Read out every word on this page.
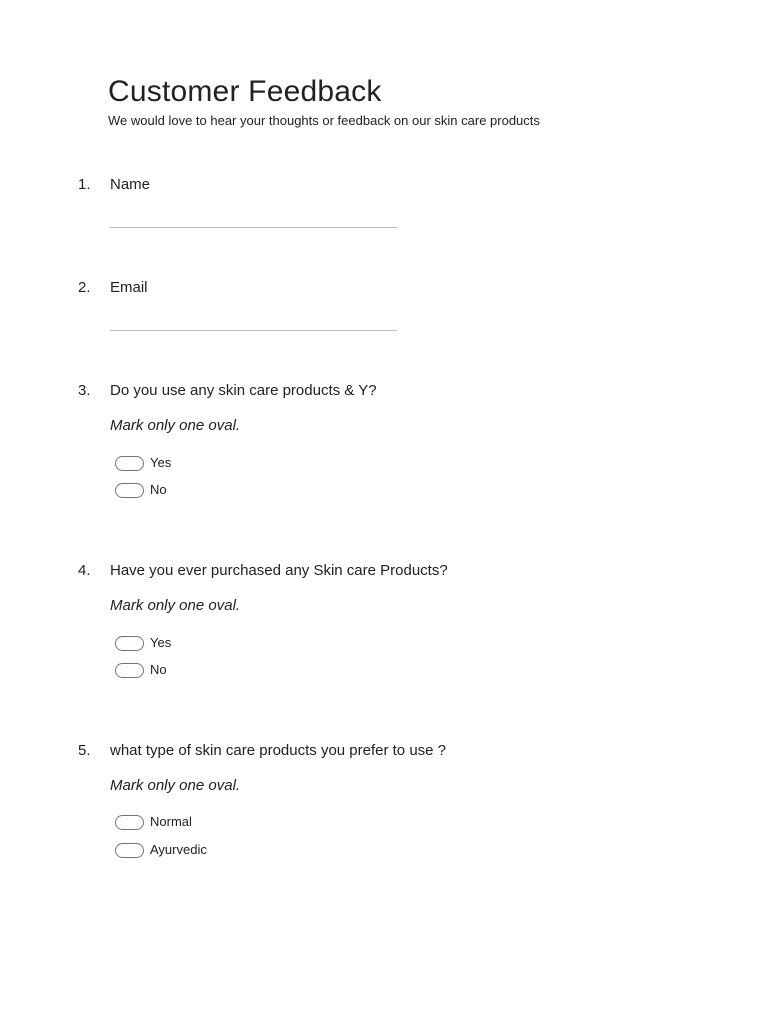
Customer Feedback

We would love to hear your thoughts or feedback on our skin care products

1. Name
2. Email
3. Do you use any skin care products & Y?
Mark only one oval.
Yes
No
4. Have you ever purchased any Skin care Products?
Mark only one oval.
Yes
No
5. what type of skin care products you prefer to use ?
Mark only one oval.
Normal
Ayurvedic
